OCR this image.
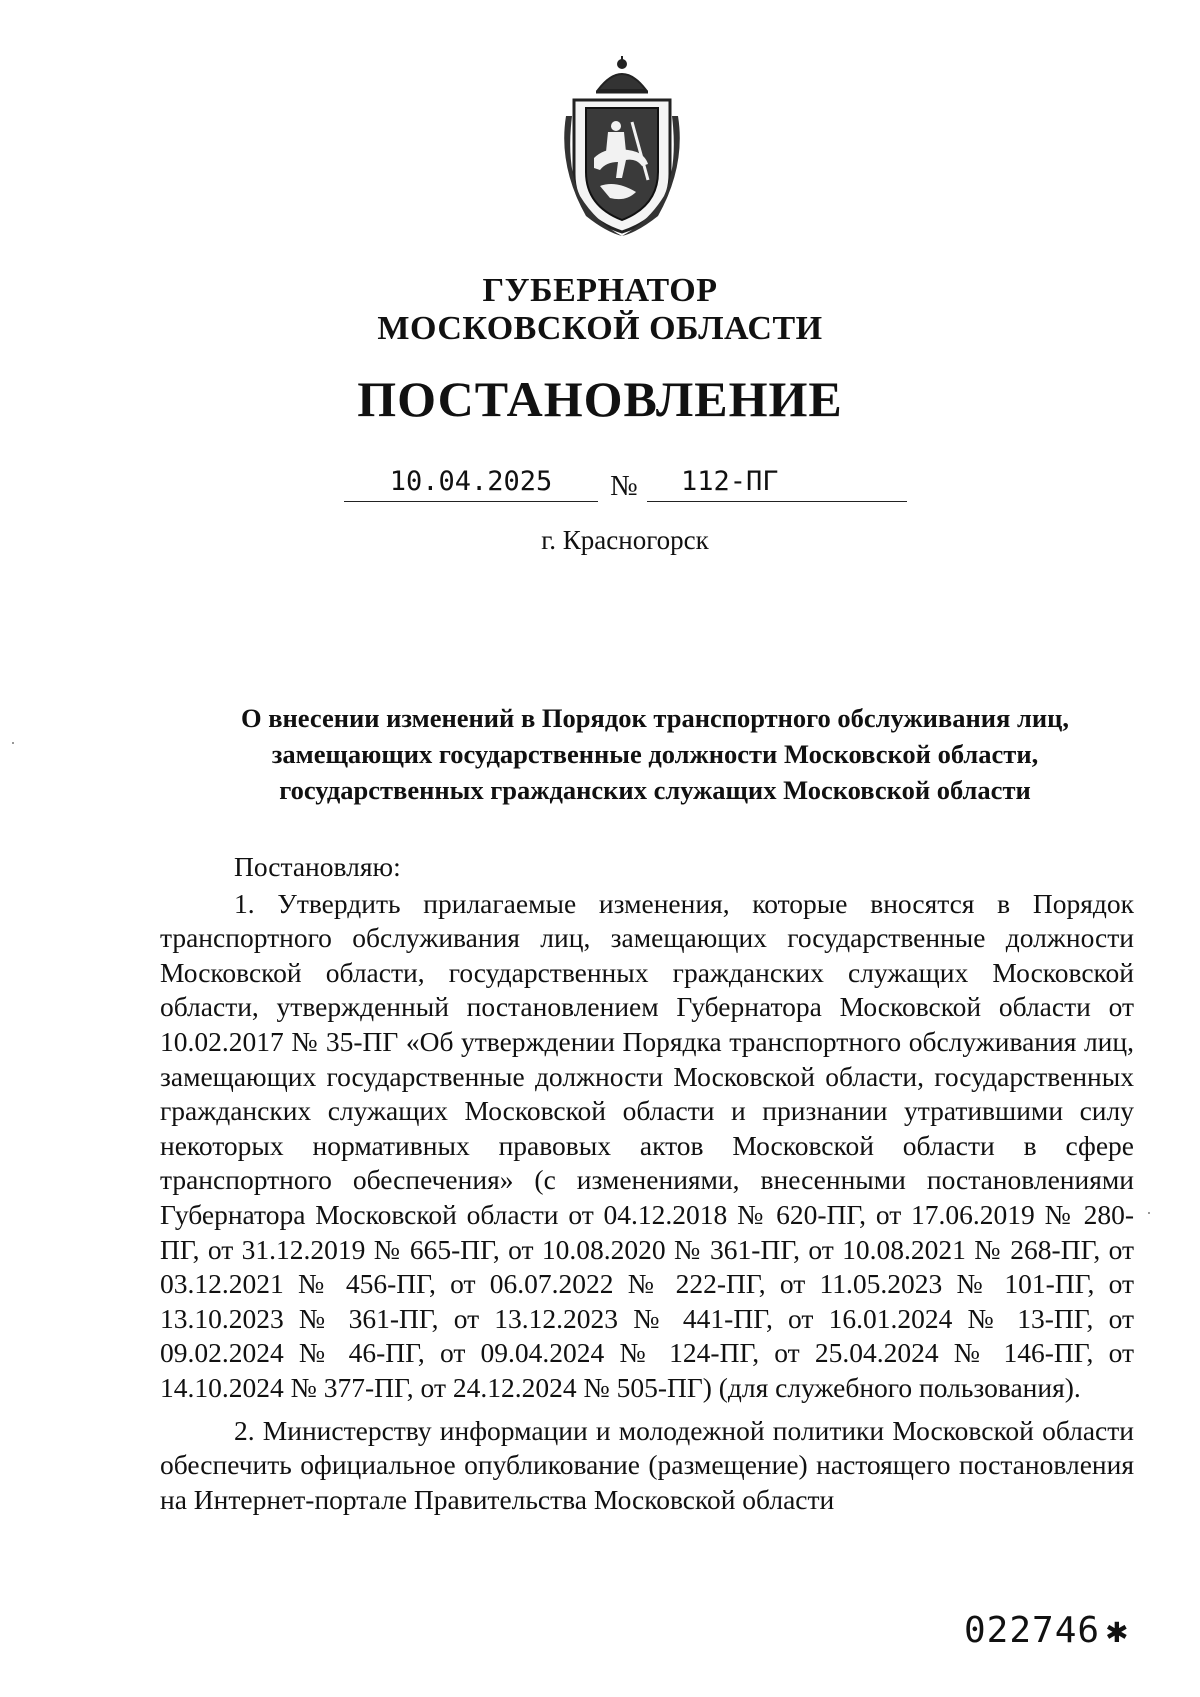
ГУБЕРНАТОР
МОСКОВСКОЙ ОБЛАСТИ
ПОСТАНОВЛЕНИЕ
10.04.2025	№	112-ПГ
г. Красногорск
О внесении изменений в Порядок транспортного обслуживания лиц,
замещающих государственные должности Московской области,
государственных гражданских служащих Московской области

Постановляю:

1. Утвердить прилагаемые изменения, которые вносятся в Порядок транспортного обслуживания лиц, замещающих государственные должности Московской области, государственных гражданских служащих Московской области, утвержденный постановлением Губернатора Московской области от 10.02.2017 № 35-ПГ «Об утверждении Порядка транспортного обслуживания лиц, замещающих государственные должности Московской области, государственных гражданских служащих Московской области и признании утратившими силу некоторых нормативных правовых актов Московской области в сфере транспортного обеспечения» (с изменениями, внесенными постановлениями Губернатора Московской области от 04.12.2018 № 620-ПГ, от 17.06.2019 № 280-ПГ, от 31.12.2019 № 665-ПГ, от 10.08.2020 № 361-ПГ, от 10.08.2021 № 268-ПГ, от 03.12.2021 № 456-ПГ, от 06.07.2022 № 222-ПГ, от 11.05.2023 № 101-ПГ, от 13.10.2023 № 361-ПГ, от 13.12.2023 № 441-ПГ, от 16.01.2024 № 13-ПГ, от 09.02.2024 № 46-ПГ, от 09.04.2024 № 124-ПГ, от 25.04.2024 № 146-ПГ, от 14.10.2024 № 377-ПГ, от 24.12.2024 № 505-ПГ) (для служебного пользования).

2. Министерству информации и молодежной политики Московской области обеспечить официальное опубликование (размещение) настоящего постановления на Интернет-портале Правительства Московской области

022746 ✱
